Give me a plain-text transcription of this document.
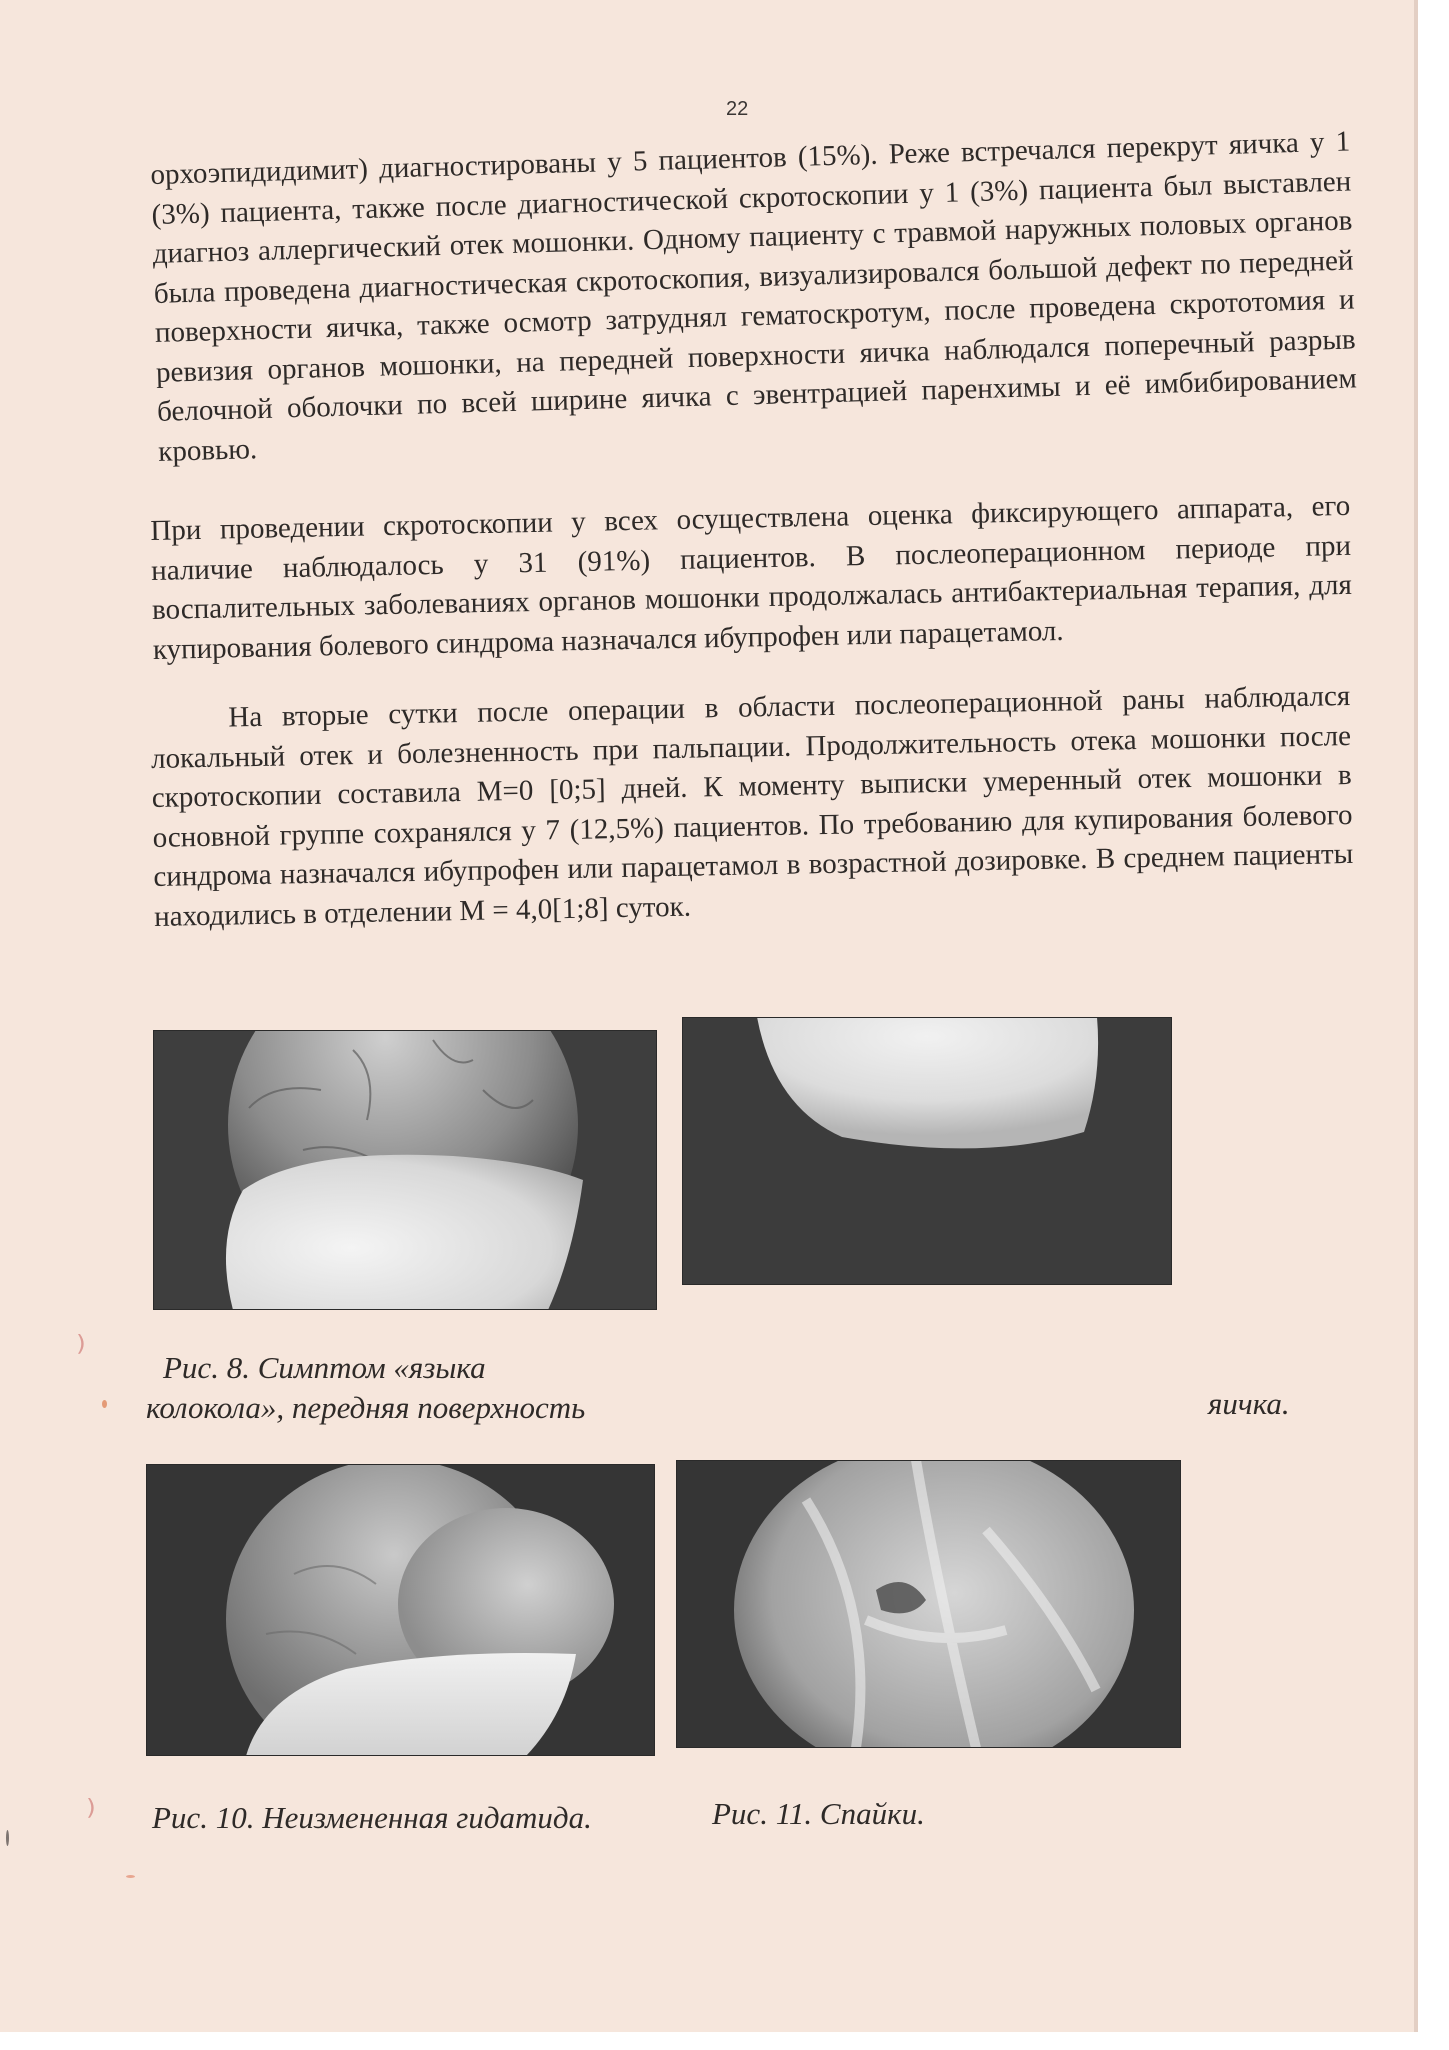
22

орхоэпидидимит) диагностированы у 5 пациентов (15%). Реже встречался перекрут яичка у 1 (3%) пациента, также после диагностической скротоскопии у 1 (3%) пациента был выставлен диагноз аллергический отек мошонки. Одному пациенту с травмой наружных половых органов была проведена диагностическая скротоскопия, визуализировался большой дефект по передней поверхности яичка, также осмотр затруднял гематоскротум, после проведена скрототомия и ревизия органов мошонки, на передней поверхности яичка наблюдался поперечный разрыв белочной оболочки по всей ширине яичка с эвентрацией паренхимы и её имбибированием кровью.

При проведении скротоскопии у всех осуществлена оценка фиксирующего аппарата, его наличие наблюдалось у 31 (91%) пациентов. В послеоперационном периоде при воспалительных заболеваниях органов мошонки продолжалась антибактериальная терапия, для купирования болевого синдрома назначался ибупрофен или парацетамол.

На вторые сутки после операции в области послеоперационной раны наблюдался локальный отек и болезненность при пальпации. Продолжительность отека мошонки после скротоскопии составила M=0 [0;5] дней. К моменту выписки умеренный отек мошонки в основной группе сохранялся у 7 (12,5%) пациентов. По требованию для купирования болевого синдрома назначался ибупрофен или парацетамол в возрастной дозировке. В среднем пациенты находились в отделении M = 4,0[1;8] суток.

Рис. 8. Симптом «языка

колокола», передняя поверхность	яичка.

Рис. 10. Неизмененная гидатида.	Рис. 11. Спайки.

⁾
⁾
